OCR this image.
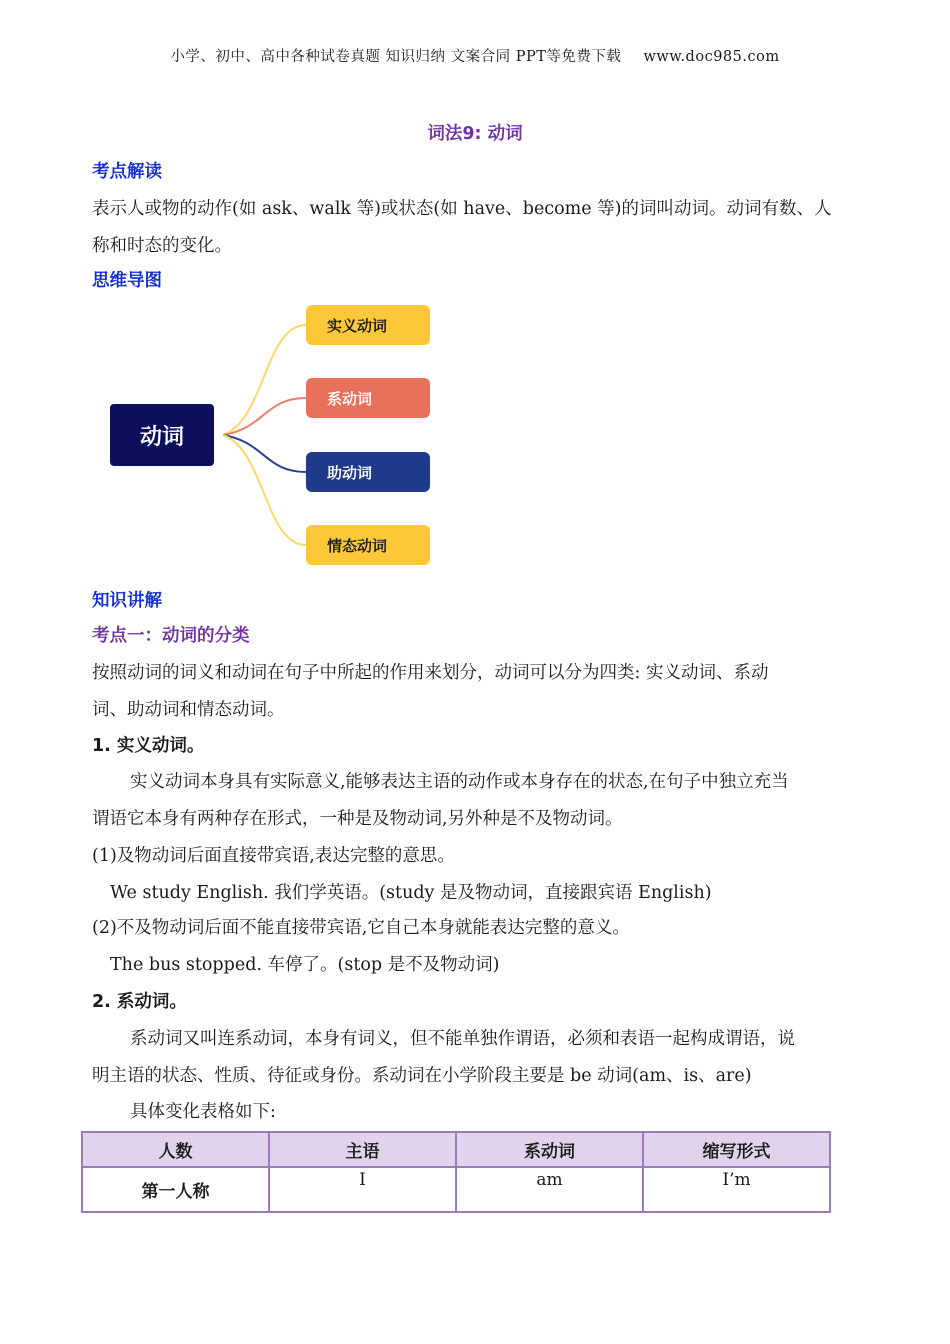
小学、初中、高中各种试卷真题 知识归纳 文案合同 PPT等免费下载 www.doc985.com
词法9: 动词
考点解读
表示人或物的动作(如 ask、walk 等)或状态(如 have、become 等)的词叫动词。动词有数、人
称和时态的变化。
思维导图
动词
实义动词
系动词
助动词
情态动词
知识讲解
考点一：动词的分类
按照动词的词义和动词在句子中所起的作用来划分，动词可以分为四类: 实义动词、系动
词、助动词和情态动词。
1. 实义动词。
实义动词本身具有实际意义,能够表达主语的动作或本身存在的状态,在句子中独立充当
谓语它本身有两种存在形式，一种是及物动词,另外种是不及物动词。
(1)及物动词后面直接带宾语,表达完整的意思。
We study English. 我们学英语。(study 是及物动词，直接跟宾语 English)
(2)不及物动词后面不能直接带宾语,它自己本身就能表达完整的意义。
The bus stopped. 车停了。(stop 是不及物动词)
2. 系动词。
系动词又叫连系动词，本身有词义，但不能单独作谓语，必须和表语一起构成谓语，说
明主语的状态、性质、待征或身份。系动词在小学阶段主要是 be 动词(am、is、are)
具体变化表格如下:
人数	主语	系动词	缩写形式
第一人称	I	am	I’m
